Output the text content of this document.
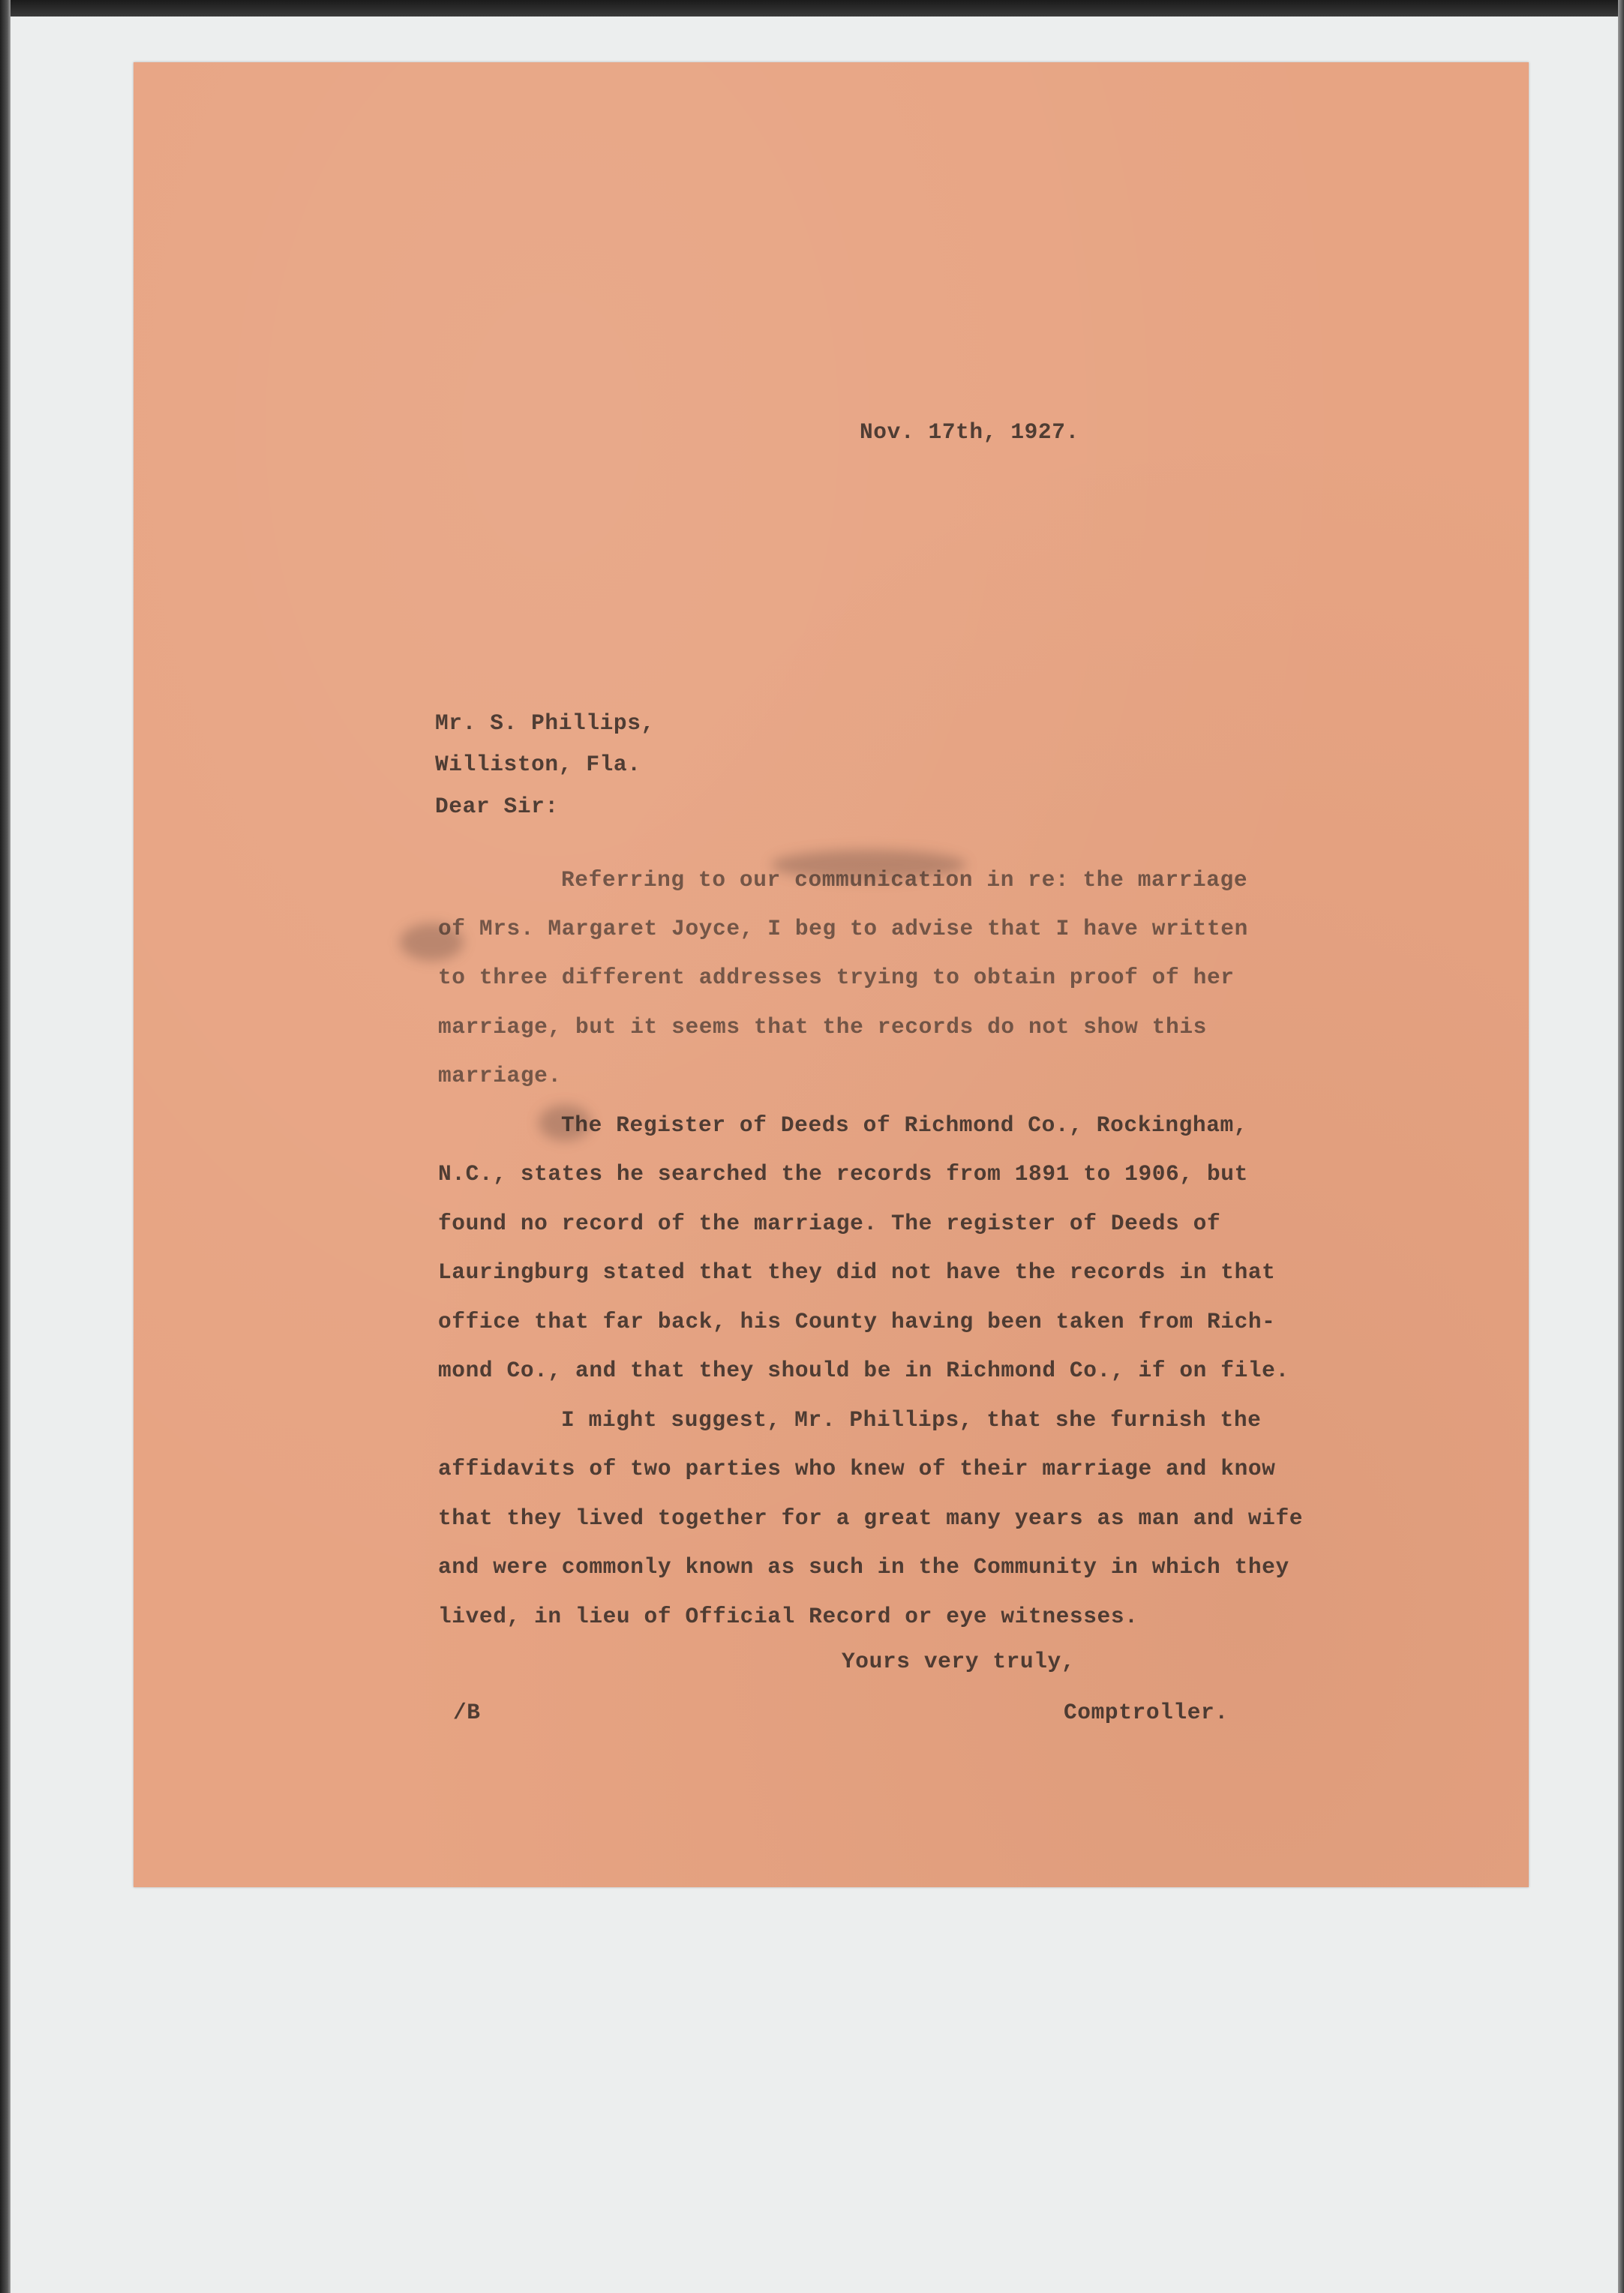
Nov. 17th, 1927.
Mr. S. Phillips,
Williston, Fla.
Dear Sir:
Referring to our communication in re: the marriage
of Mrs. Margaret Joyce, I beg to advise that I have written
to three different addresses trying to obtain proof of her
marriage, but it seems that the records do not show this
marriage.
The Register of Deeds of Richmond Co., Rockingham,
N.C., states he searched the records from 1891 to 1906, but
found no record of the marriage. The register of Deeds of
Lauringburg stated that they did not have the records in that
office that far back, his County having been taken from Rich-
mond Co., and that they should be in Richmond Co., if on file.
I might suggest, Mr. Phillips, that she furnish the
affidavits of two parties who knew of their marriage and know
that they lived together for a great many years as man and wife
and were commonly known as such in the Community in which they
lived, in lieu of Official Record or eye witnesses.
Yours very truly,
/B	Comptroller.
